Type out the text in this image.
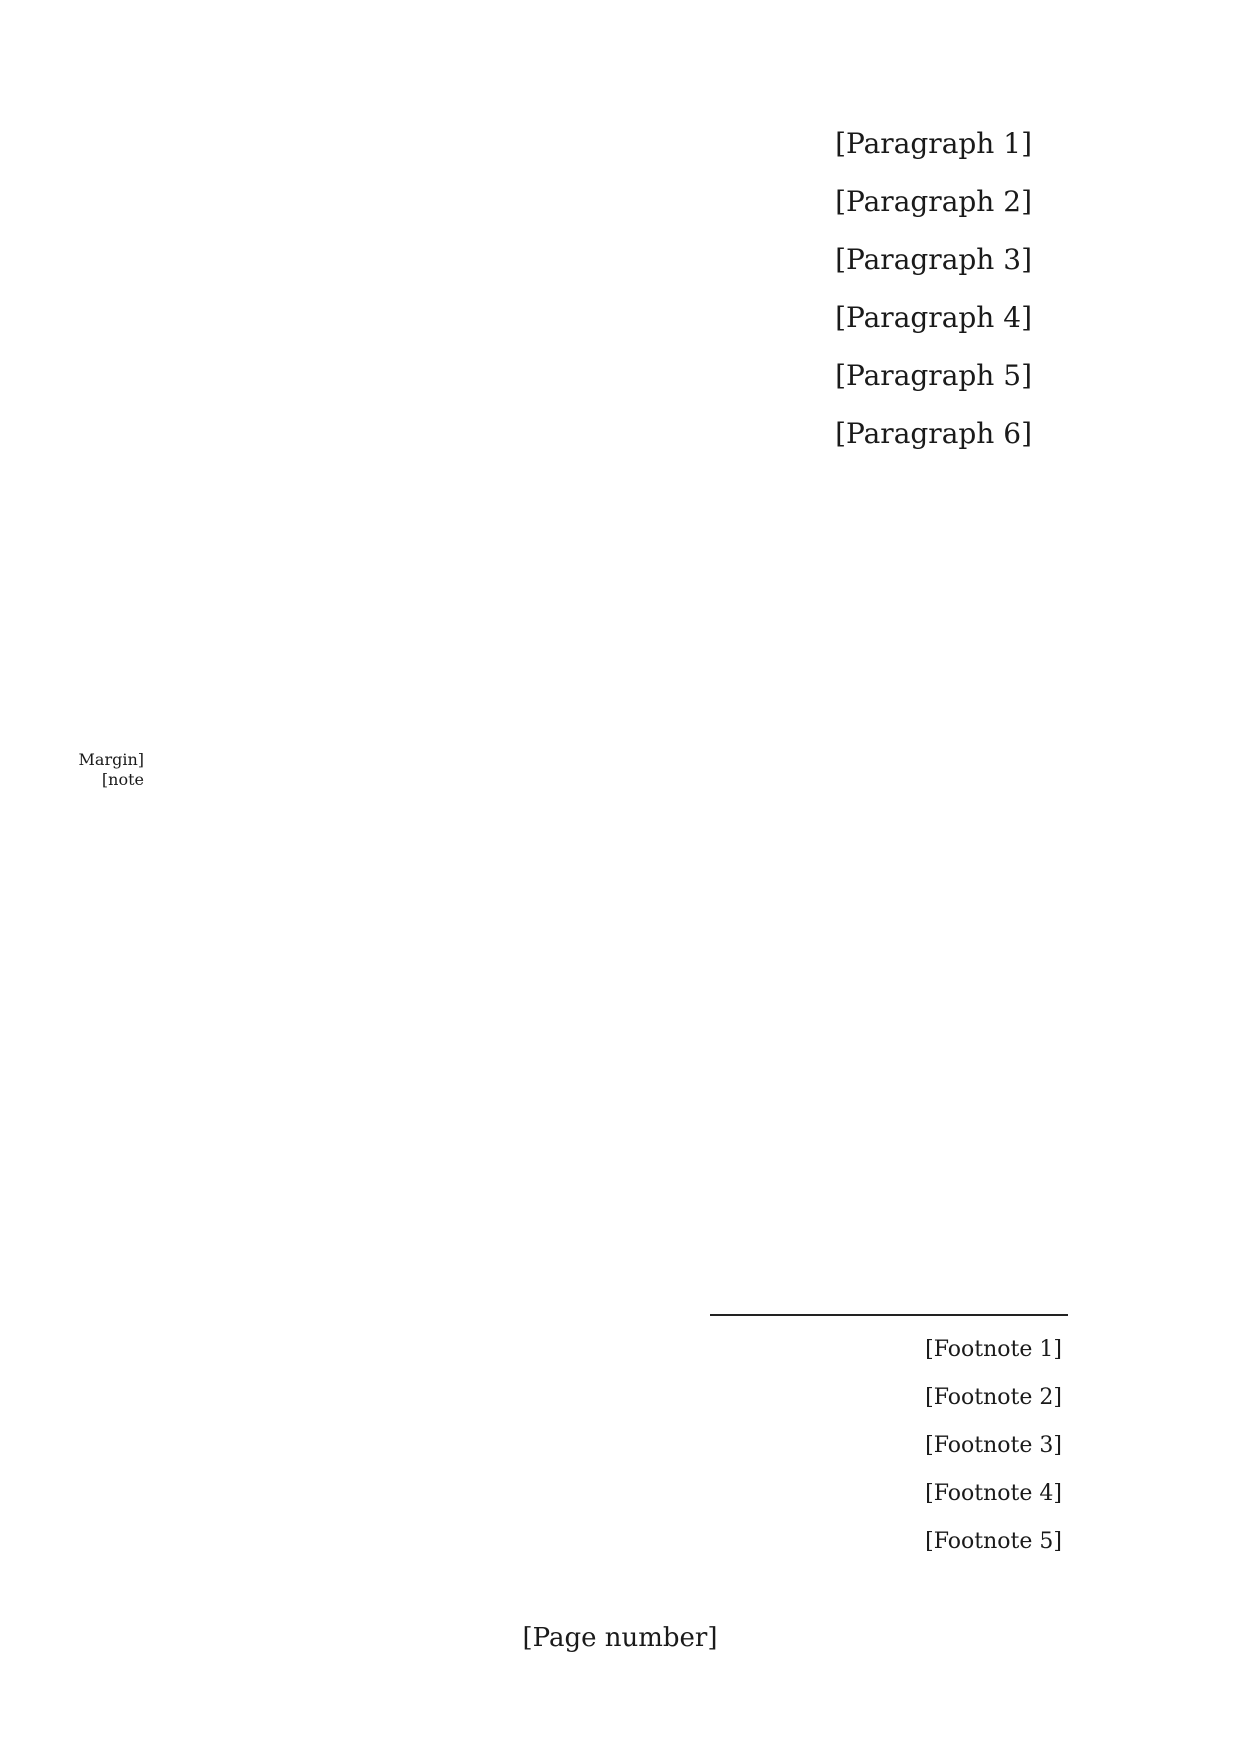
[Paragraph 1]

[Paragraph 2]

[Paragraph 3]

[Paragraph 4]

[Paragraph 5]

[Paragraph 6]

[Margin note]

[Footnote 1]

[Footnote 2]

[Footnote 3]

[Footnote 4]

[Footnote 5]

[Page number]
